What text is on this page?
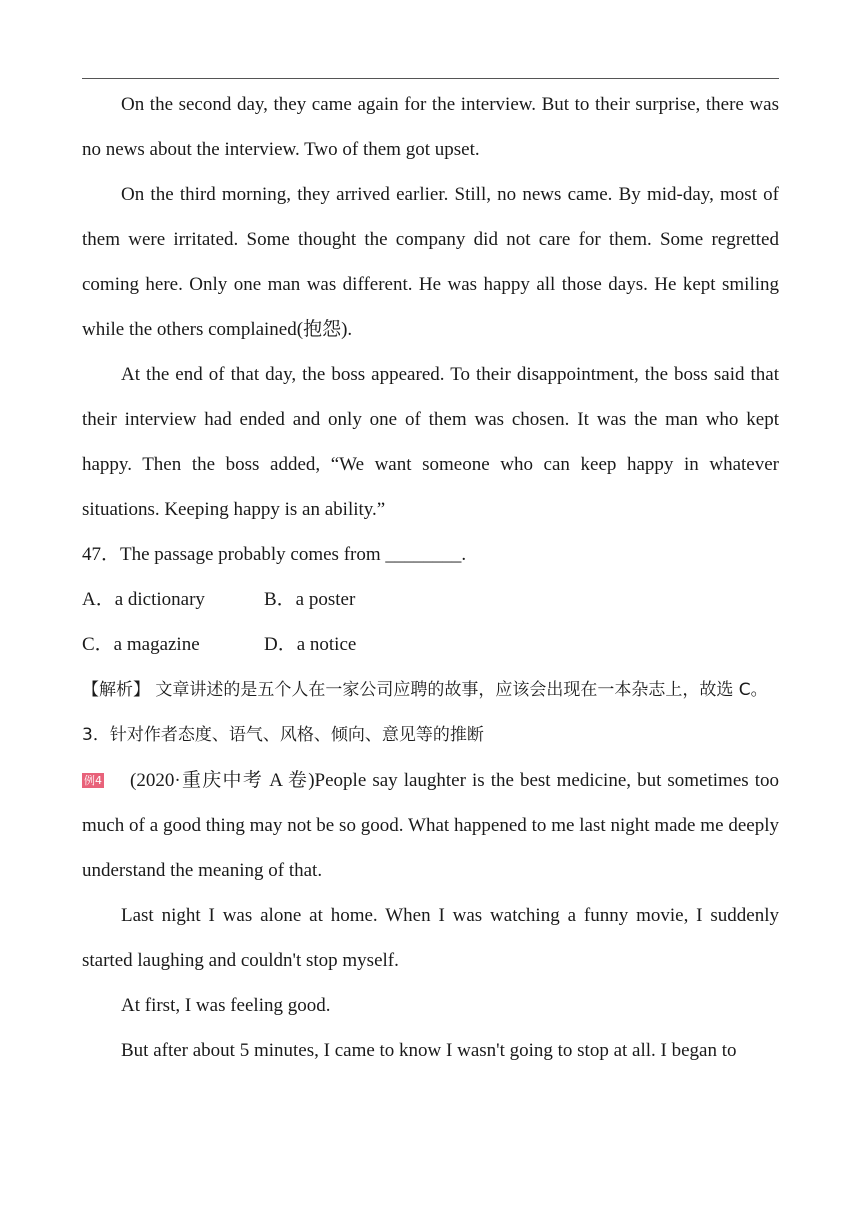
On the second day, they came again for the interview. But to their surprise, there was no news about the interview. Two of them got upset.

On the third morning, they arrived earlier. Still, no news came. By mid-day, most of them were irritated. Some thought the company did not care for them. Some regretted coming here. Only one man was different. He was happy all those days. He kept smiling while the others complained(抱怨).

At the end of that day, the boss appeared. To their disappointment, the boss said that their interview had ended and only one of them was chosen. It was the man who kept happy. Then the boss added, “We want someone who can keep happy in whatever situations. Keeping happy is an ability.”

47．The passage probably comes from ________.

A．a dictionary	B．a poster
C．a magazine	D．a notice

【解析】 文章讲述的是五个人在一家公司应聘的故事，应该会出现在一本杂志上，故选 C。

3．针对作者态度、语气、风格、倾向、意见等的推断

例4 (2020·重庆中考 A 卷)People say laughter is the best medicine, but sometimes too much of a good thing may not be so good. What happened to me last night made me deeply understand the meaning of that.

Last night I was alone at home. When I was watching a funny movie, I suddenly started laughing and couldn't stop myself.

At first, I was feeling good.

But after about 5 minutes, I came to know I wasn't going to stop at all. I began to
